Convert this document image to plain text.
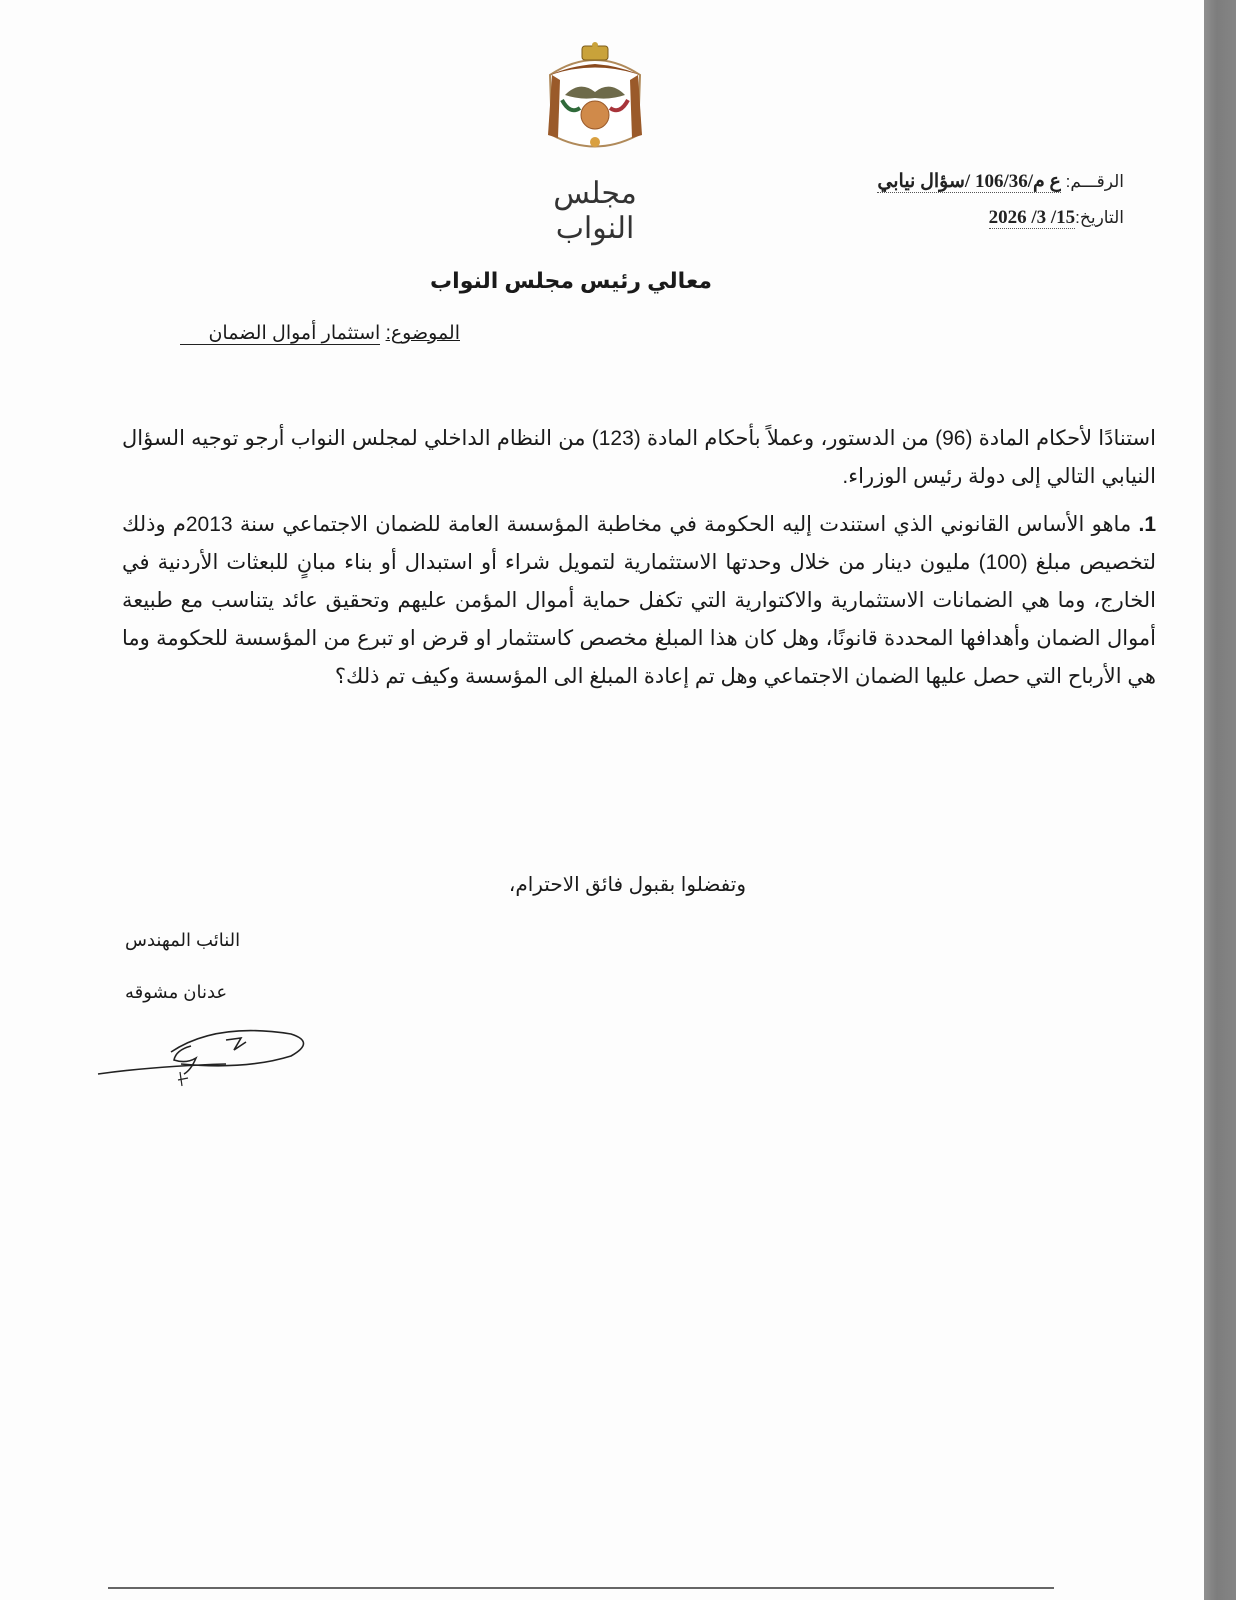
مجلس النواب
الرقـــم: ع م/106/36 /سؤال نيابي
التاريخ:15/ 3/ 2026
معالي رئيس مجلس النواب
الموضوع: استثمار أموال الضمان

استنادًا لأحكام المادة (96) من الدستور، وعملاً بأحكام المادة (123) من النظام الداخلي لمجلس النواب أرجو توجيه السؤال النيابي التالي إلى دولة رئيس الوزراء.

1. ماهو الأساس القانوني الذي استندت إليه الحكومة في مخاطبة المؤسسة العامة للضمان الاجتماعي سنة 2013م وذلك لتخصيص مبلغ (100) مليون دينار من خلال وحدتها الاستثمارية لتمويل شراء أو استبدال أو بناء مبانٍ للبعثات الأردنية في الخارج، وما هي الضمانات الاستثمارية والاكتوارية التي تكفل حماية أموال المؤمن عليهم وتحقيق عائد يتناسب مع طبيعة أموال الضمان وأهدافها المحددة قانونًا، وهل كان هذا المبلغ مخصص كاستثمار او قرض او تبرع من المؤسسة للحكومة وما هي الأرباح التي حصل عليها الضمان الاجتماعي وهل تم إعادة المبلغ الى المؤسسة وكيف تم ذلك؟

وتفضلوا بقبول فائق الاحترام،
النائب المهندس
عدنان مشوقه
